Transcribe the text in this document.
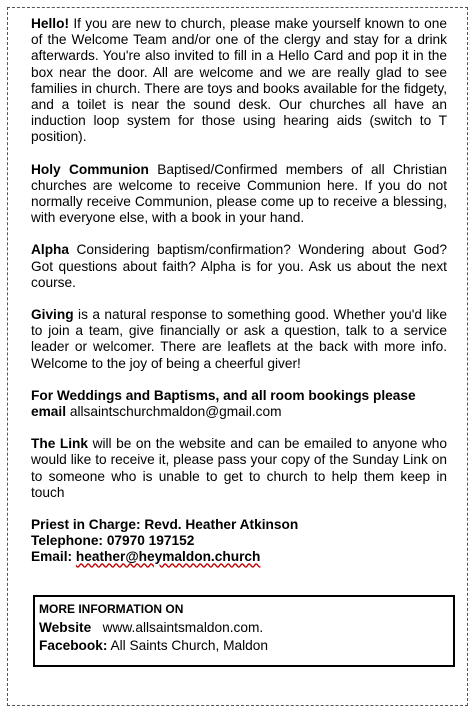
Hello! If you are new to church, please make yourself known to one of the Welcome Team and/or one of the clergy and stay for a drink afterwards. You're also invited to fill in a Hello Card and pop it in the box near the door. All are welcome and we are really glad to see families in church. There are toys and books available for the fidgety, and a toilet is near the sound desk. Our churches all have an induction loop system for those using hearing aids (switch to T position).

Holy Communion Baptised/Confirmed members of all Christian churches are welcome to receive Communion here. If you do not normally receive Communion, please come up to receive a blessing, with everyone else, with a book in your hand.

Alpha Considering baptism/confirmation? Wondering about God? Got questions about faith? Alpha is for you. Ask us about the next course.

Giving is a natural response to something good. Whether you'd like to join a team, give financially or ask a question, talk to a service leader or welcomer. There are leaflets at the back with more info. Welcome to the joy of being a cheerful giver!

For Weddings and Baptisms, and all room bookings please email allsaintschurchmaldon@gmail.com

The Link will be on the website and can be emailed to anyone who would like to receive it, please pass your copy of the Sunday Link on to someone who is unable to get to church to help them keep in touch

Priest in Charge: Revd. Heather Atkinson

Telephone: 07970 197152

Email: heather@heymaldon.church

MORE INFORMATION ON

Website www.allsaintsmaldon.com.

Facebook: All Saints Church, Maldon
